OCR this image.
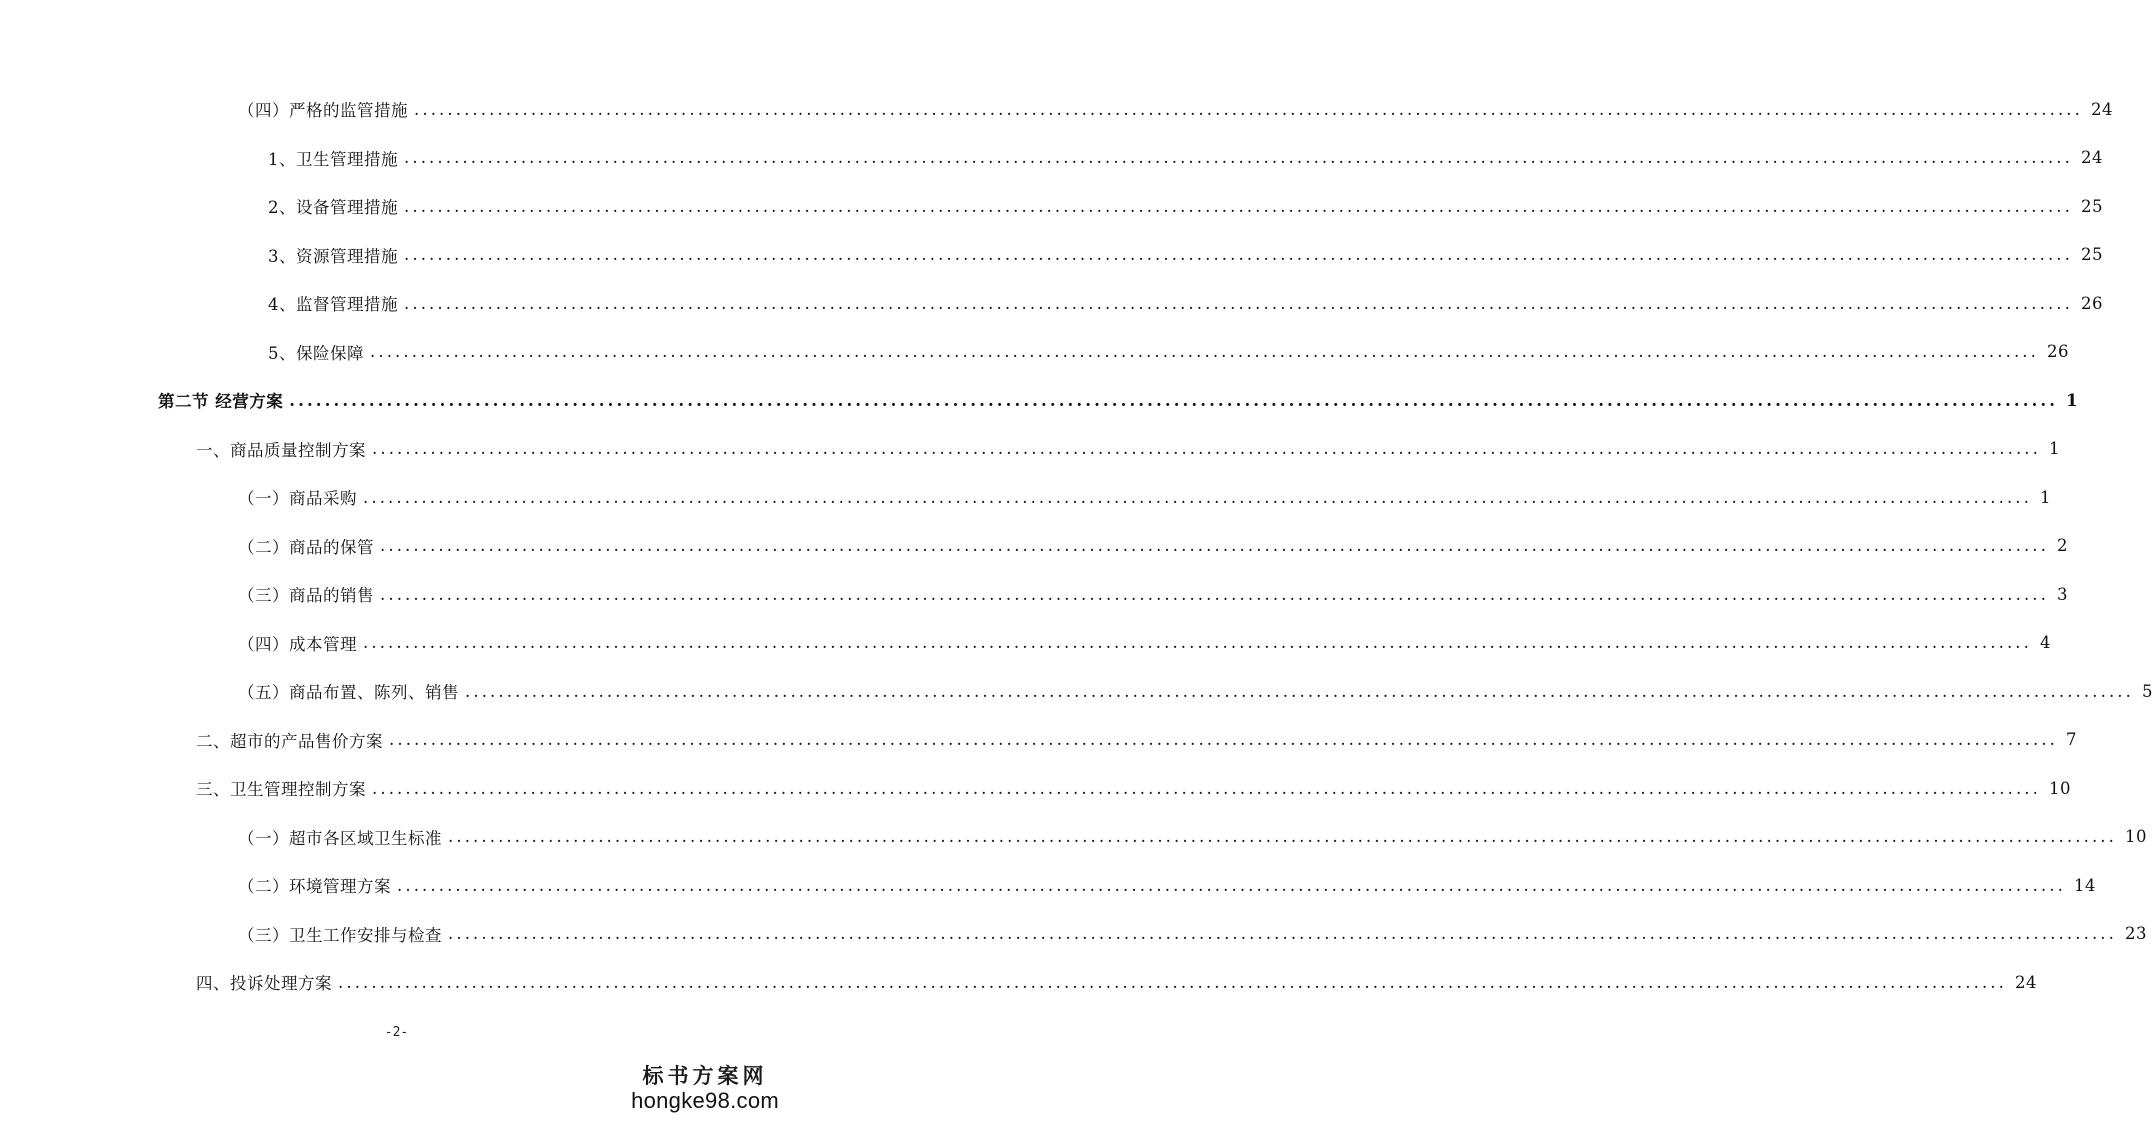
（四）严格的监管措施 ........................................................................................................................................................................................................ 24
1、卫生管理措施 ........................................................................................................................................................................................................ 24
2、设备管理措施 ........................................................................................................................................................................................................ 25
3、资源管理措施 ........................................................................................................................................................................................................ 25
4、监督管理措施 ........................................................................................................................................................................................................ 26
5、保险保障 ........................................................................................................................................................................................................ 26
第二节 经营方案 ........................................................................................................................................................................................................ 1
一、商品质量控制方案 ........................................................................................................................................................................................................ 1
（一）商品采购 ........................................................................................................................................................................................................ 1
（二）商品的保管 ........................................................................................................................................................................................................ 2
（三）商品的销售 ........................................................................................................................................................................................................ 3
（四）成本管理 ........................................................................................................................................................................................................ 4
（五）商品布置、陈列、销售 ........................................................................................................................................................................................................ 5
二、超市的产品售价方案 ........................................................................................................................................................................................................ 7
三、卫生管理控制方案 ........................................................................................................................................................................................................ 10
（一）超市各区域卫生标准 ........................................................................................................................................................................................................ 10
（二）环境管理方案 ........................................................................................................................................................................................................ 14
（三）卫生工作安排与检查 ........................................................................................................................................................................................................ 23
四、投诉处理方案 ........................................................................................................................................................................................................ 24
-2-
标书方案网
hongke98.com
